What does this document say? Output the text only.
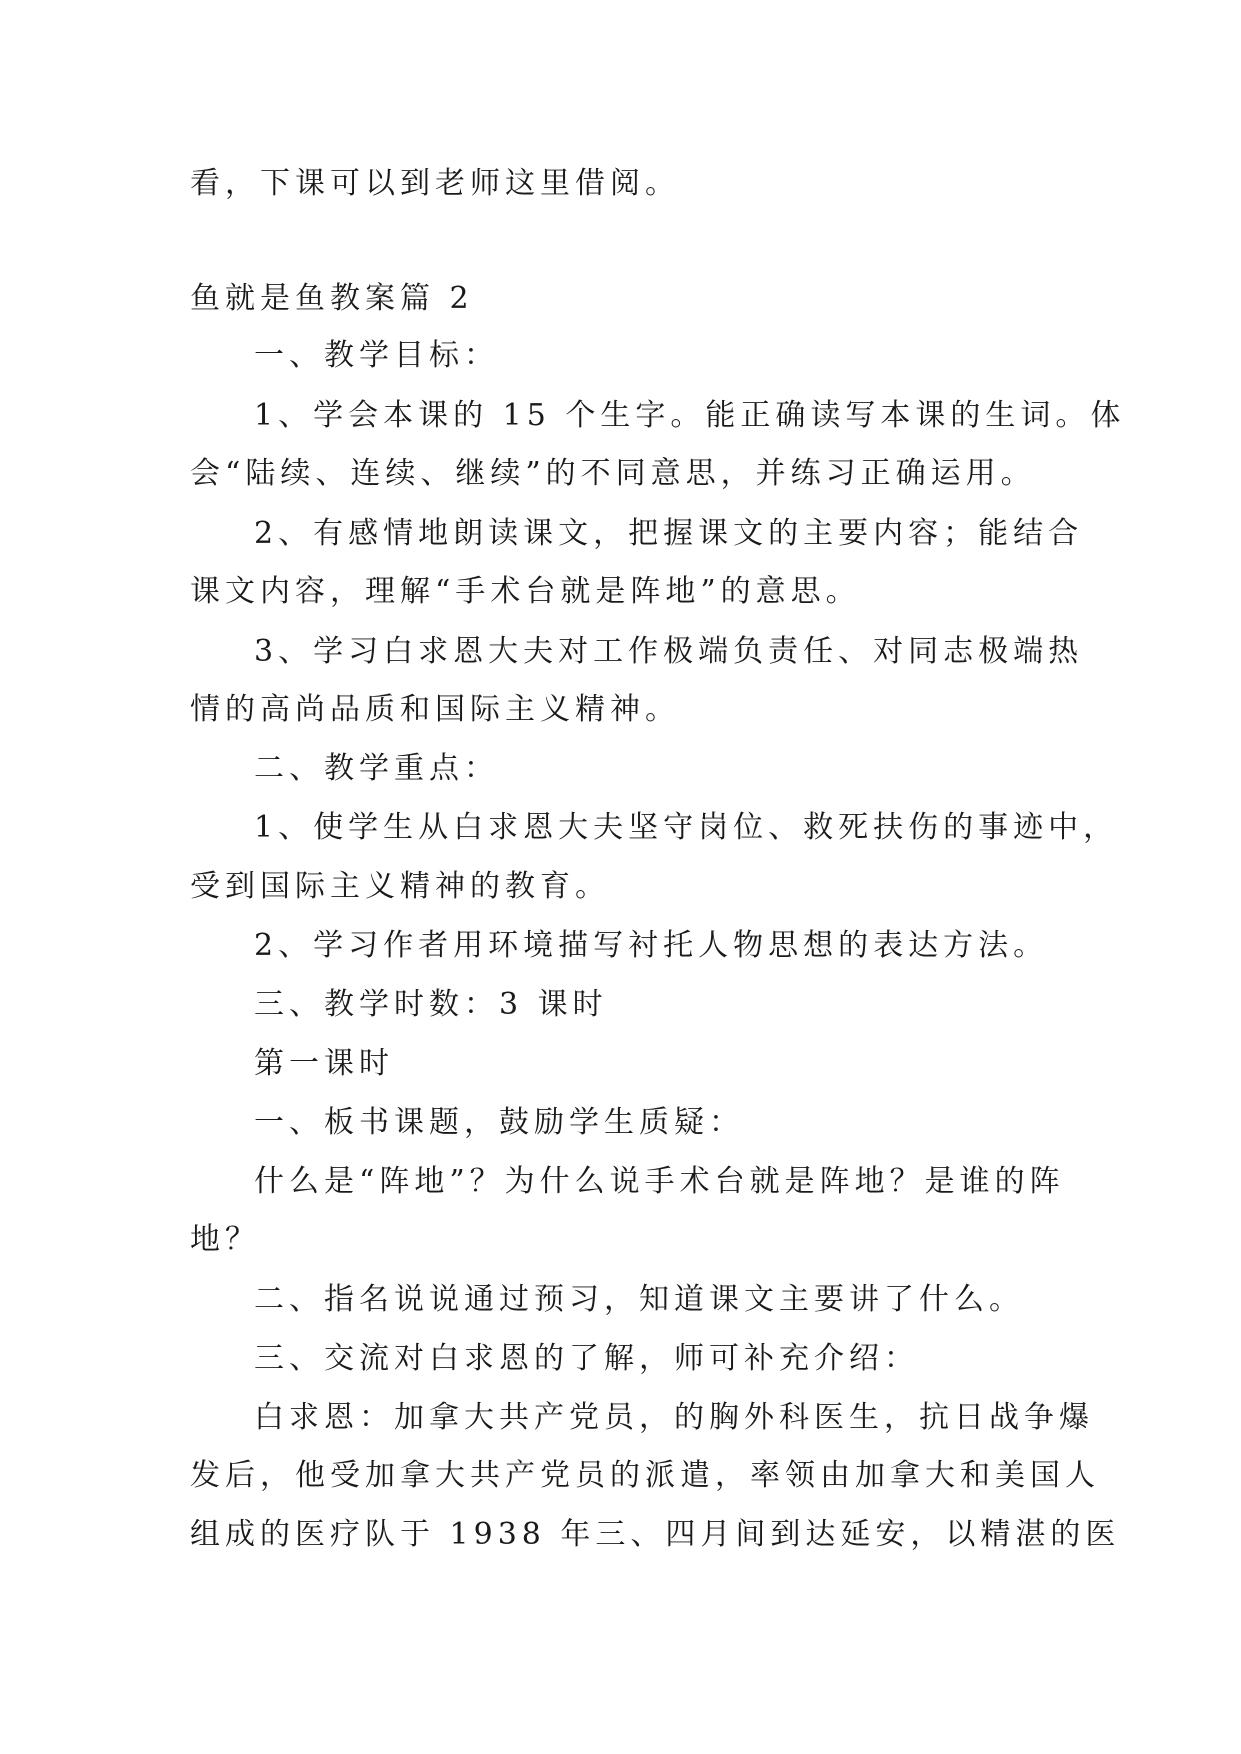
看，下课可以到老师这里借阅。
鱼就是鱼教案篇 2
一、教学目标：
1、学会本课的 15 个生字。能正确读写本课的生词。体
会“陆续、连续、继续”的不同意思，并练习正确运用。
2、有感情地朗读课文，把握课文的主要内容；能结合
课文内容，理解“手术台就是阵地”的意思。
3、学习白求恩大夫对工作极端负责任、对同志极端热
情的高尚品质和国际主义精神。
二、教学重点：
1、使学生从白求恩大夫坚守岗位、救死扶伤的事迹中，
受到国际主义精神的教育。
2、学习作者用环境描写衬托人物思想的表达方法。
三、教学时数：3 课时
第一课时
一、板书课题，鼓励学生质疑：
什么是“阵地”？为什么说手术台就是阵地？是谁的阵
地？
二、指名说说通过预习，知道课文主要讲了什么。
三、交流对白求恩的了解，师可补充介绍：
白求恩：加拿大共产党员，的胸外科医生，抗日战争爆
发后，他受加拿大共产党员的派遣，率领由加拿大和美国人
组成的医疗队于 1938 年三、四月间到达延安，以精湛的医
